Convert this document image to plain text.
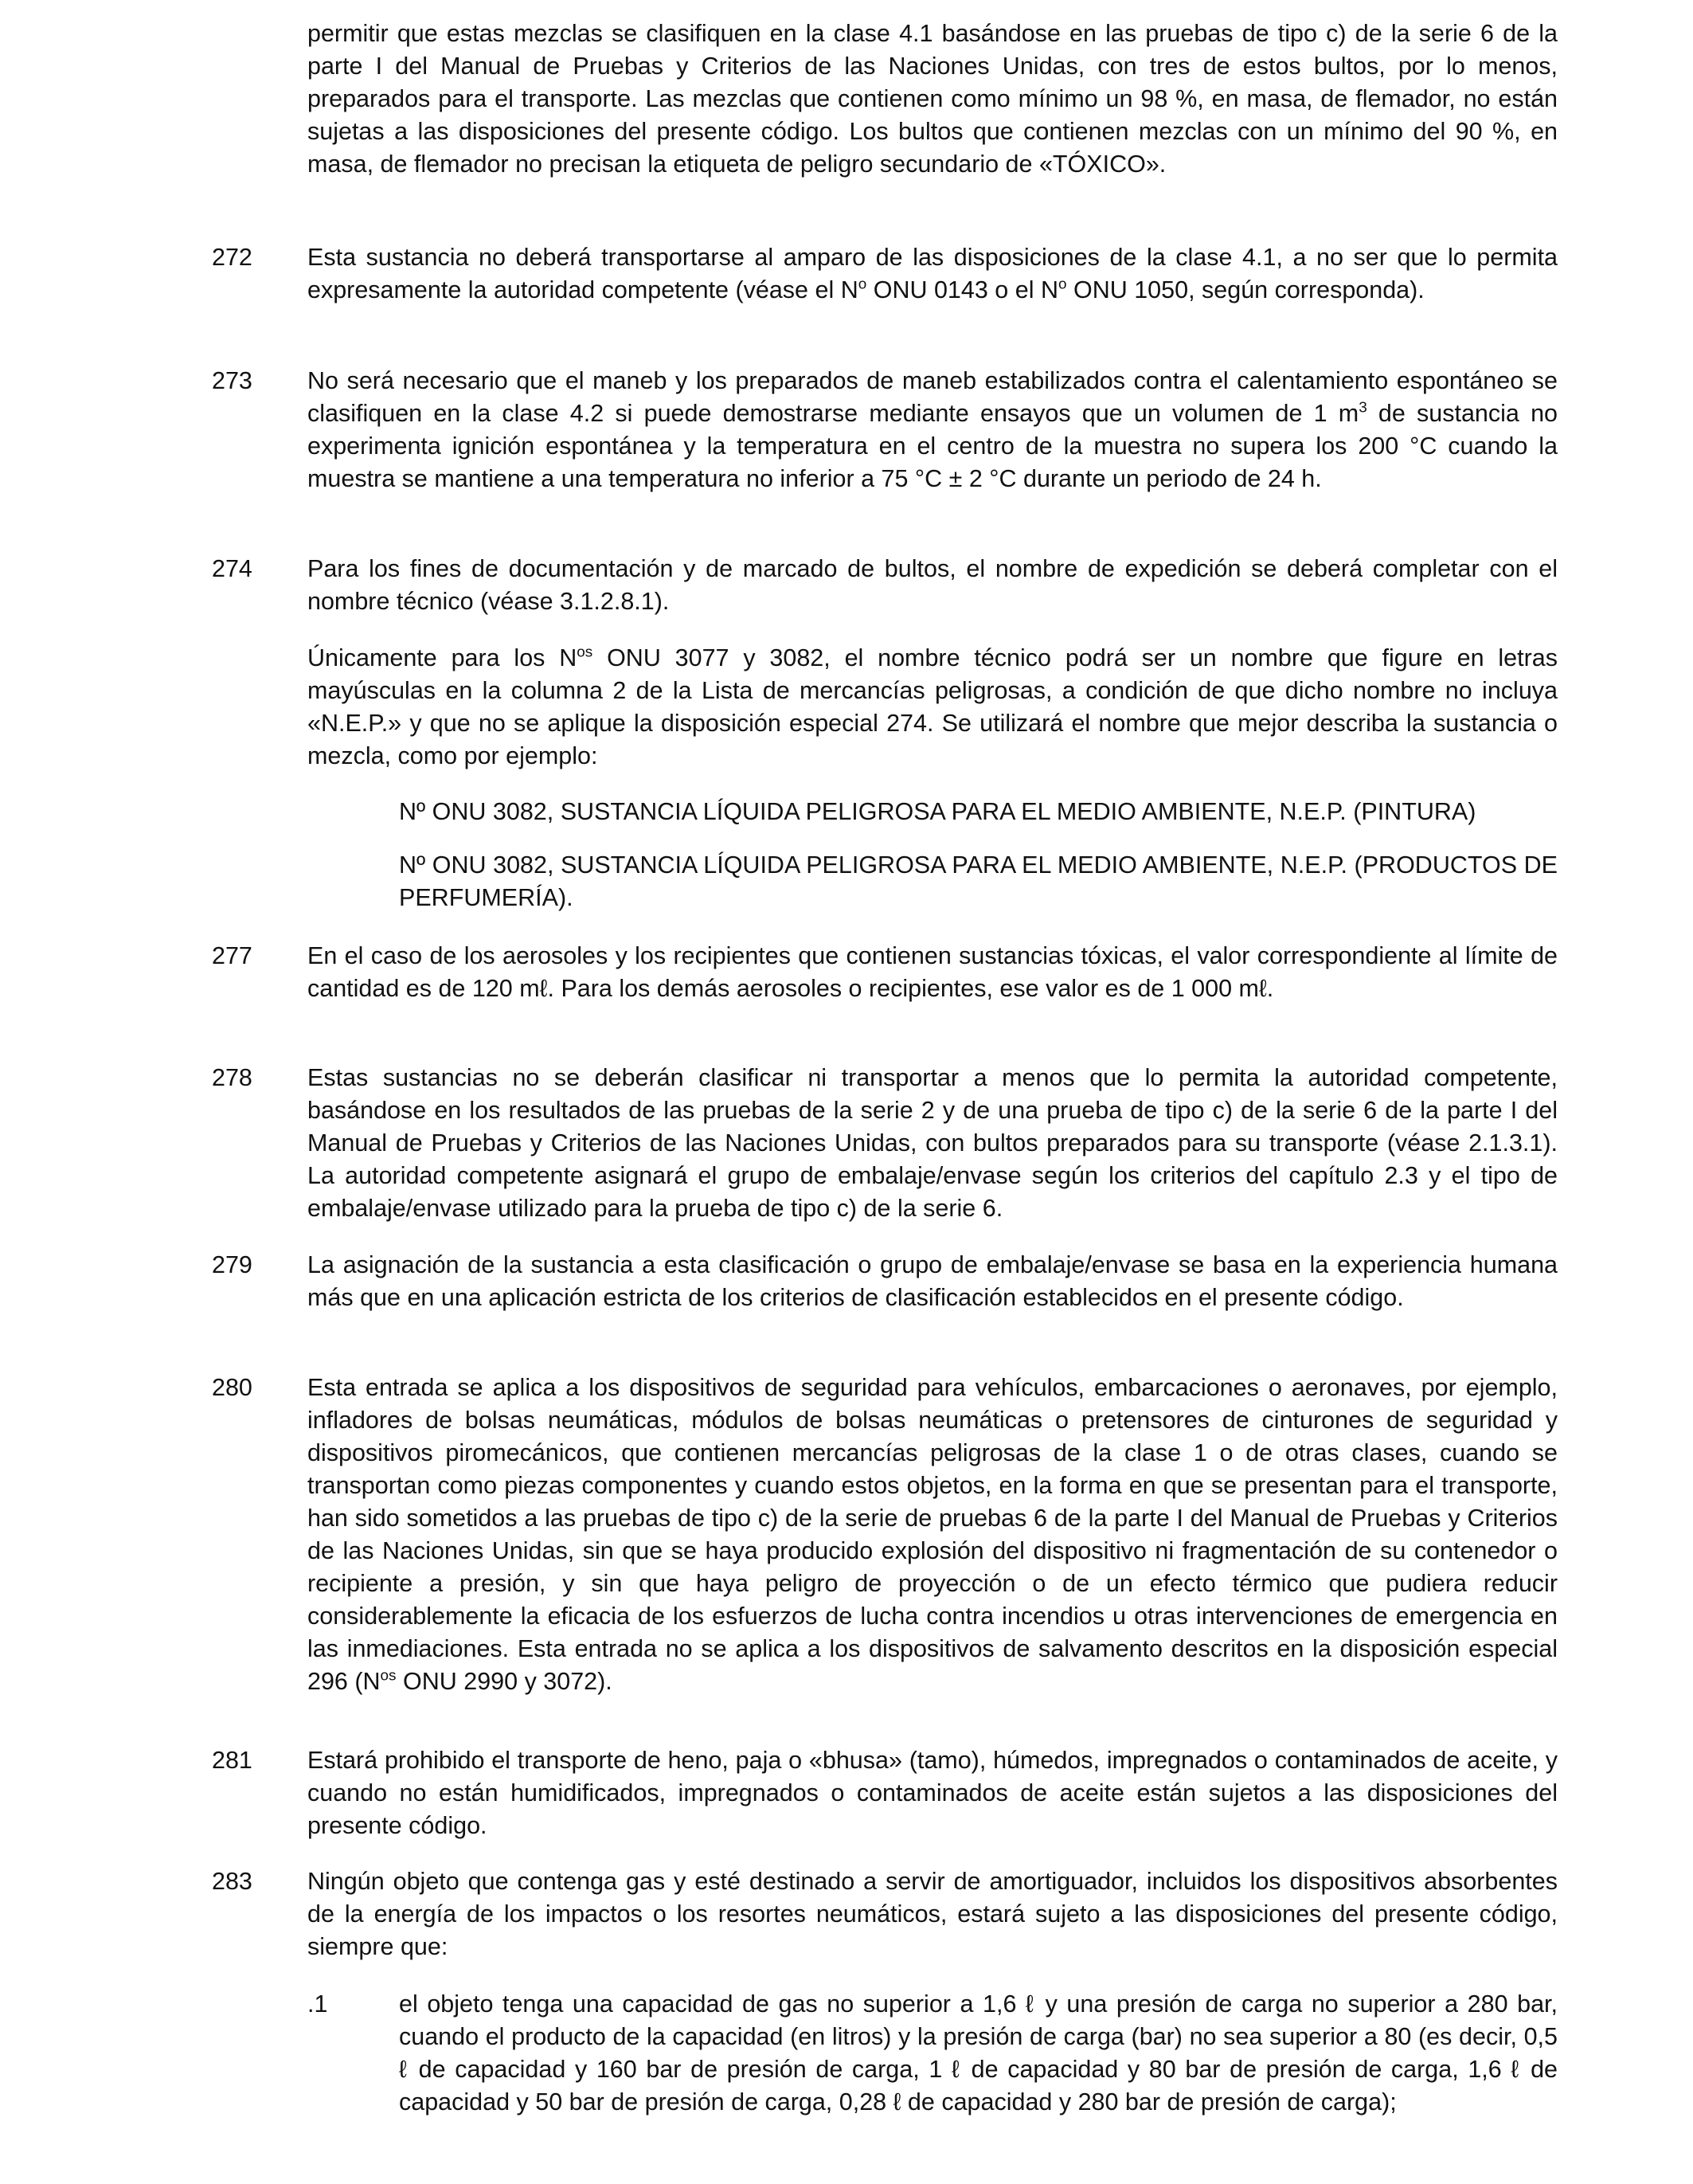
permitir que estas mezclas se clasifiquen en la clase 4.1 basándose en las pruebas de tipo c) de la serie 6 de la parte I del Manual de Pruebas y Criterios de las Naciones Unidas, con tres de estos bultos, por lo menos, preparados para el transporte. Las mezclas que contienen como mínimo un 98 %, en masa, de flemador, no están sujetas a las disposiciones del presente código. Los bultos que contienen mezclas con un mínimo del 90 %, en masa, de flemador no precisan la etiqueta de peligro secundario de «TÓXICO».

272 Esta sustancia no deberá transportarse al amparo de las disposiciones de la clase 4.1, a no ser que lo permita expresamente la autoridad competente (véase el $N^o$ ONU 0143 o el $N^o$ ONU 1050, según corresponda).

273 No será necesario que el maneb y los preparados de maneb estabilizados contra el calentamiento espontáneo se clasifiquen en la clase 4.2 si puede demostrarse mediante ensayos que un volumen de 1 $m^3$ de sustancia no experimenta ignición espontánea y la temperatura en el centro de la muestra no supera los 200 °C cuando la muestra se mantiene a una temperatura no inferior a 75 °C ± 2 °C durante un periodo de 24 h.

274 Para los fines de documentación y de marcado de bultos, el nombre de expedición se deberá completar con el nombre técnico (véase 3.1.2.8.1).

Únicamente para los $N^{os}$ ONU 3077 y 3082, el nombre técnico podrá ser un nombre que figure en letras mayúsculas en la columna 2 de la Lista de mercancías peligrosas, a condición de que dicho nombre no incluya «N.E.P.» y que no se aplique la disposición especial 274. Se utilizará el nombre que mejor describa la sustancia o mezcla, como por ejemplo:

Nº ONU 3082, SUSTANCIA LÍQUIDA PELIGROSA PARA EL MEDIO AMBIENTE, N.E.P. (PINTURA)

Nº ONU 3082, SUSTANCIA LÍQUIDA PELIGROSA PARA EL MEDIO AMBIENTE, N.E.P. (PRODUCTOS DE PERFUMERÍA).

277 En el caso de los aerosoles y los recipientes que contienen sustancias tóxicas, el valor correspondiente al límite de cantidad es de 120 mℓ. Para los demás aerosoles o recipientes, ese valor es de 1 000 mℓ.

278 Estas sustancias no se deberán clasificar ni transportar a menos que lo permita la autoridad competente, basándose en los resultados de las pruebas de la serie 2 y de una prueba de tipo c) de la serie 6 de la parte I del Manual de Pruebas y Criterios de las Naciones Unidas, con bultos preparados para su transporte (véase 2.1.3.1). La autoridad competente asignará el grupo de embalaje/envase según los criterios del capítulo 2.3 y el tipo de embalaje/envase utilizado para la prueba de tipo c) de la serie 6.

279 La asignación de la sustancia a esta clasificación o grupo de embalaje/envase se basa en la experiencia humana más que en una aplicación estricta de los criterios de clasificación establecidos en el presente código.

280 Esta entrada se aplica a los dispositivos de seguridad para vehículos, embarcaciones o aeronaves, por ejemplo, infladores de bolsas neumáticas, módulos de bolsas neumáticas o pretensores de cinturones de seguridad y dispositivos piromecánicos, que contienen mercancías peligrosas de la clase 1 o de otras clases, cuando se transportan como piezas componentes y cuando estos objetos, en la forma en que se presentan para el transporte, han sido sometidos a las pruebas de tipo c) de la serie de pruebas 6 de la parte I del Manual de Pruebas y Criterios de las Naciones Unidas, sin que se haya producido explosión del dispositivo ni fragmentación de su contenedor o recipiente a presión, y sin que haya peligro de proyección o de un efecto térmico que pudiera reducir considerablemente la eficacia de los esfuerzos de lucha contra incendios u otras intervenciones de emergencia en las inmediaciones. Esta entrada no se aplica a los dispositivos de salvamento descritos en la disposición especial 296 ($N^{os}$ ONU 2990 y 3072).

281 Estará prohibido el transporte de heno, paja o «bhusa» (tamo), húmedos, impregnados o contaminados de aceite, y cuando no están humidificados, impregnados o contaminados de aceite están sujetos a las disposiciones del presente código.

283 Ningún objeto que contenga gas y esté destinado a servir de amortiguador, incluidos los dispositivos absorbentes de la energía de los impactos o los resortes neumáticos, estará sujeto a las disposiciones del presente código, siempre que:

.1	el objeto tenga una capacidad de gas no superior a 1,6 ℓ y una presión de carga no superior a 280 bar, cuando el producto de la capacidad (en litros) y la presión de carga (bar) no sea superior a 80 (es decir, 0,5 ℓ de capacidad y 160 bar de presión de carga, 1 ℓ de capacidad y 80 bar de presión de carga, 1,6 ℓ de capacidad y 50 bar de presión de carga, 0,28 ℓ de capacidad y 280 bar de presión de carga);
